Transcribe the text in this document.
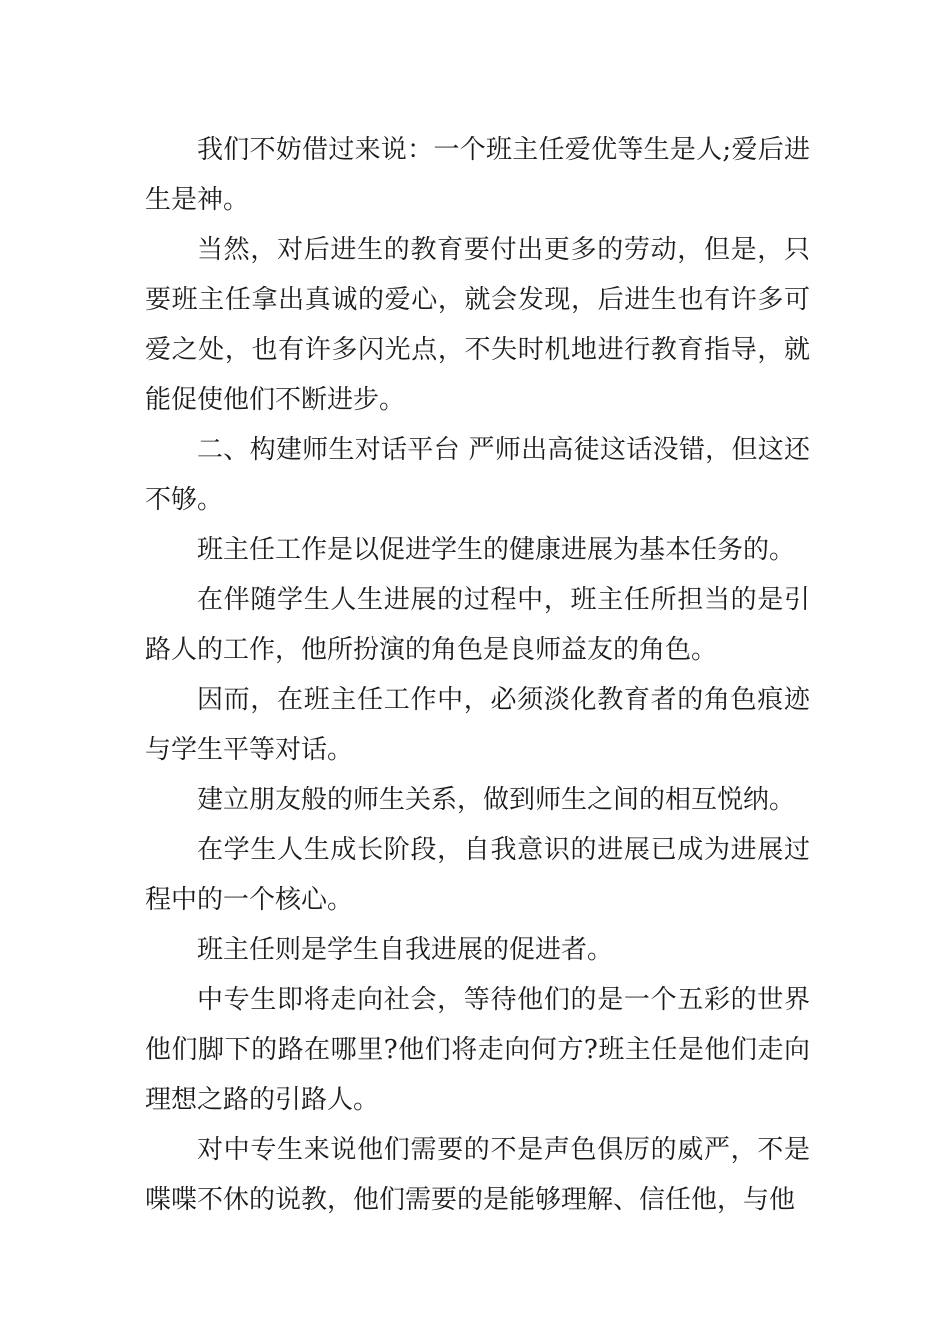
我们不妨借过来说：一个班主任爱优等生是人;爱后进生是神。

当然，对后进生的教育要付出更多的劳动，但是，只要班主任拿出真诚的爱心，就会发现，后进生也有许多可爱之处，也有许多闪光点，不失时机地进行教育指导，就能促使他们不断进步。

二、构建师生对话平台 严师出高徒这话没错，但这还不够。

班主任工作是以促进学生的健康进展为基本任务的。

在伴随学生人生进展的过程中，班主任所担当的是引路人的工作，他所扮演的角色是良师益友的角色。

因而，在班主任工作中，必须淡化教育者的角色痕迹与学生平等对话。

建立朋友般的师生关系，做到师生之间的相互悦纳。

在学生人生成长阶段，自我意识的进展已成为进展过程中的一个核心。

班主任则是学生自我进展的促进者。

中专生即将走向社会，等待他们的是一个五彩的世界他们脚下的路在哪里?他们将走向何方?班主任是他们走向理想之路的引路人。

对中专生来说他们需要的不是声色俱厉的威严，不是喋喋不休的说教，他们需要的是能够理解、信任他，与他
